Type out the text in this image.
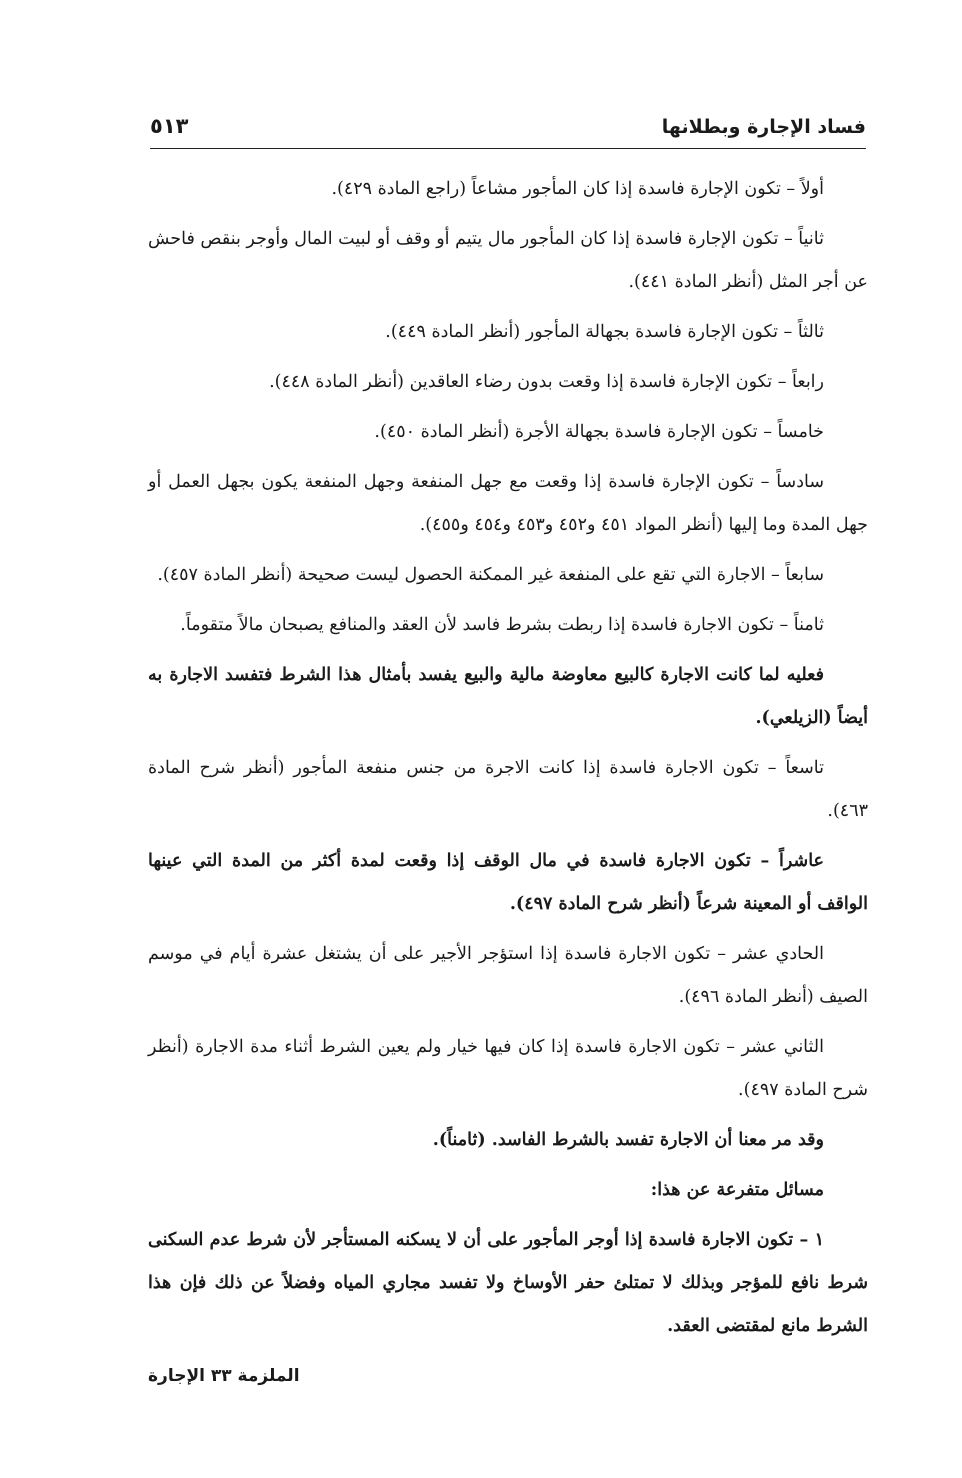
فساد الإجارة وبطلانها
٥١٣

أولاً – تكون الإجارة فاسدة إذا كان المأجور مشاعاً (راجع المادة ٤٢٩).

ثانياً – تكون الإجارة فاسدة إذا كان المأجور مال يتيم أو وقف أو لبيت المال وأوجر بنقص فاحش عن أجر المثل (أنظر المادة ٤٤١).

ثالثاً – تكون الإجارة فاسدة بجهالة المأجور (أنظر المادة ٤٤٩).

رابعاً – تكون الإجارة فاسدة إذا وقعت بدون رضاء العاقدين (أنظر المادة ٤٤٨).

خامساً – تكون الإجارة فاسدة بجهالة الأجرة (أنظر المادة ٤٥٠).

سادساً – تكون الإجارة فاسدة إذا وقعت مع جهل المنفعة وجهل المنفعة يكون بجهل العمل أو جهل المدة وما إليها (أنظر المواد ٤٥١ و٤٥٢ و٤٥٣ و٤٥٤ و٤٥٥).

سابعاً – الاجارة التي تقع على المنفعة غير الممكنة الحصول ليست صحيحة (أنظر المادة ٤٥٧).

ثامناً – تكون الاجارة فاسدة إذا ربطت بشرط فاسد لأن العقد والمنافع يصبحان مالاً متقوماً.

فعليه لما كانت الاجارة كالبيع معاوضة مالية والبيع يفسد بأمثال هذا الشرط فتفسد الاجارة به أيضاً (الزيلعي).

تاسعاً – تكون الاجارة فاسدة إذا كانت الاجرة من جنس منفعة المأجور (أنظر شرح المادة ٤٦٣).

عاشراً – تكون الاجارة فاسدة في مال الوقف إذا وقعت لمدة أكثر من المدة التي عينها الواقف أو المعينة شرعاً (أنظر شرح المادة ٤٩٧).

الحادي عشر – تكون الاجارة فاسدة إذا استؤجر الأجير على أن يشتغل عشرة أيام في موسم الصيف (أنظر المادة ٤٩٦).

الثاني عشر – تكون الاجارة فاسدة إذا كان فيها خيار ولم يعين الشرط أثناء مدة الاجارة (أنظر شرح المادة ٤٩٧).

وقد مر معنا أن الاجارة تفسد بالشرط الفاسد. (ثامناً).

مسائل متفرعة عن هذا:

١ – تكون الاجارة فاسدة إذا أوجر المأجور على أن لا يسكنه المستأجر لأن شرط عدم السكنى شرط نافع للمؤجر وبذلك لا تمتلئ حفر الأوساخ ولا تفسد مجاري المياه وفضلاً عن ذلك فإن هذا الشرط مانع لمقتضى العقد.

الملزمة ٣٣ الإجارة
